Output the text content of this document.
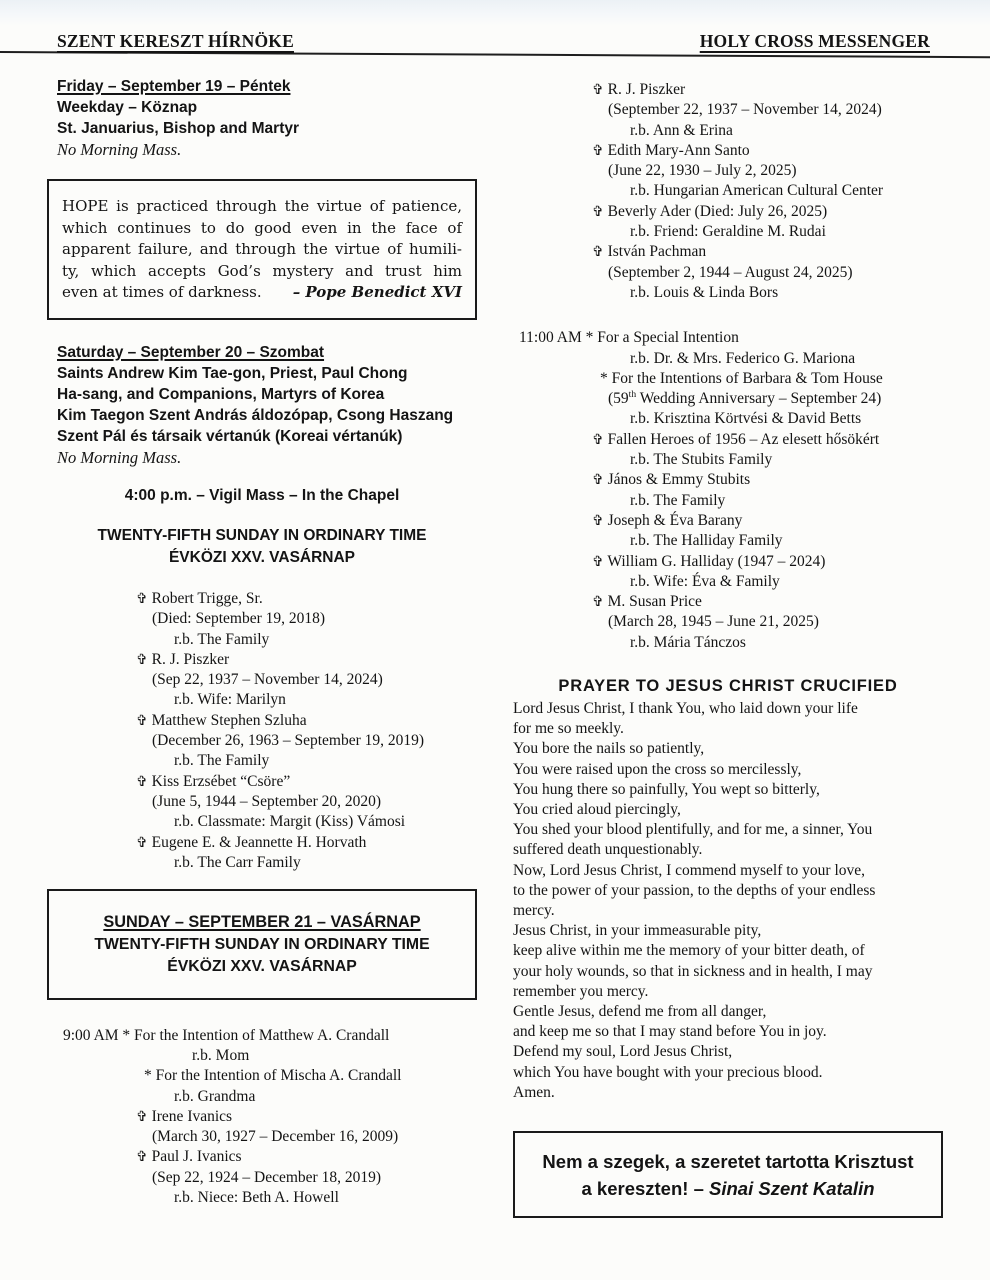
SZENT KERESZT HÍRNÖKE	HOLY CROSS MESSENGER
Friday – September 19 – Péntek
Weekday – Köznap
St. Januarius, Bishop and Martyr
No Morning Mass.
HOPE is practiced through the virtue of patience,
which continues to do good even in the face of
apparent failure, and through the virtue of humili-
ty, which accepts God’s mystery and trust him
even at times of darkness. – Pope Benedict XVI
Saturday – September 20 – Szombat
Saints Andrew Kim Tae-gon, Priest, Paul Chong
Ha-sang, and Companions, Martyrs of Korea
Kim Taegon Szent András áldozópap, Csong Haszang
Szent Pál és társaik vértanúk (Koreai vértanúk)
No Morning Mass.
4:00 p.m. – Vigil Mass – In the Chapel
TWENTY-FIFTH SUNDAY IN ORDINARY TIME
ÉVKÖZI XXV. VASÁRNAP
✞ Robert Trigge, Sr.
(Died: September 19, 2018)
r.b. The Family
✞ R. J. Piszker
(Sep 22, 1937 – November 14, 2024)
r.b. Wife: Marilyn
✞ Matthew Stephen Szluha
(December 26, 1963 – September 19, 2019)
r.b. The Family
✞ Kiss Erzsébet “Csöre”
(June 5, 1944 – September 20, 2020)
r.b. Classmate: Margit (Kiss) Vámosi
✞ Eugene E. & Jeannette H. Horvath
r.b. The Carr Family
SUNDAY – SEPTEMBER 21 – VASÁRNAP
TWENTY-FIFTH SUNDAY IN ORDINARY TIME
ÉVKÖZI XXV. VASÁRNAP
9:00 AM * For the Intention of Matthew A. Crandall
r.b. Mom
* For the Intention of Mischa A. Crandall
r.b. Grandma
✞ Irene Ivanics
(March 30, 1927 – December 16, 2009)
✞ Paul J. Ivanics
(Sep 22, 1924 – December 18, 2019)
r.b. Niece: Beth A. Howell
✞ R. J. Piszker
(September 22, 1937 – November 14, 2024)
r.b. Ann & Erina
✞ Edith Mary-Ann Santo
(June 22, 1930 – July 2, 2025)
r.b. Hungarian American Cultural Center
✞ Beverly Ader (Died: July 26, 2025)
r.b. Friend: Geraldine M. Rudai
✞ István Pachman
(September 2, 1944 – August 24, 2025)
r.b. Louis & Linda Bors
11:00 AM * For a Special Intention
r.b. Dr. & Mrs. Federico G. Mariona
* For the Intentions of Barbara & Tom House
(59th Wedding Anniversary – September 24)
r.b. Krisztina Körtvési & David Betts
✞ Fallen Heroes of 1956 – Az elesett hősökért
r.b. The Stubits Family
✞ János & Emmy Stubits
r.b. The Family
✞ Joseph & Éva Barany
r.b. The Halliday Family
✞ William G. Halliday (1947 – 2024)
r.b. Wife: Éva & Family
✞ M. Susan Price
(March 28, 1945 – June 21, 2025)
r.b. Mária Tánczos
PRAYER TO JESUS CHRIST CRUCIFIED
Lord Jesus Christ, I thank You, who laid down your life
for me so meekly.
You bore the nails so patiently,
You were raised upon the cross so mercilessly,
You hung there so painfully, You wept so bitterly,
You cried aloud piercingly,
You shed your blood plentifully, and for me, a sinner, You
suffered death unquestionably.
Now, Lord Jesus Christ, I commend myself to your love,
to the power of your passion, to the depths of your endless
mercy.
Jesus Christ, in your immeasurable pity,
keep alive within me the memory of your bitter death, of
your holy wounds, so that in sickness and in health, I may
remember you mercy.
Gentle Jesus, defend me from all danger,
and keep me so that I may stand before You in joy.
Defend my soul, Lord Jesus Christ,
which You have bought with your precious blood.
Amen.
Nem a szegek, a szeretet tartotta Krisztust
a kereszten! – Sinai Szent Katalin
